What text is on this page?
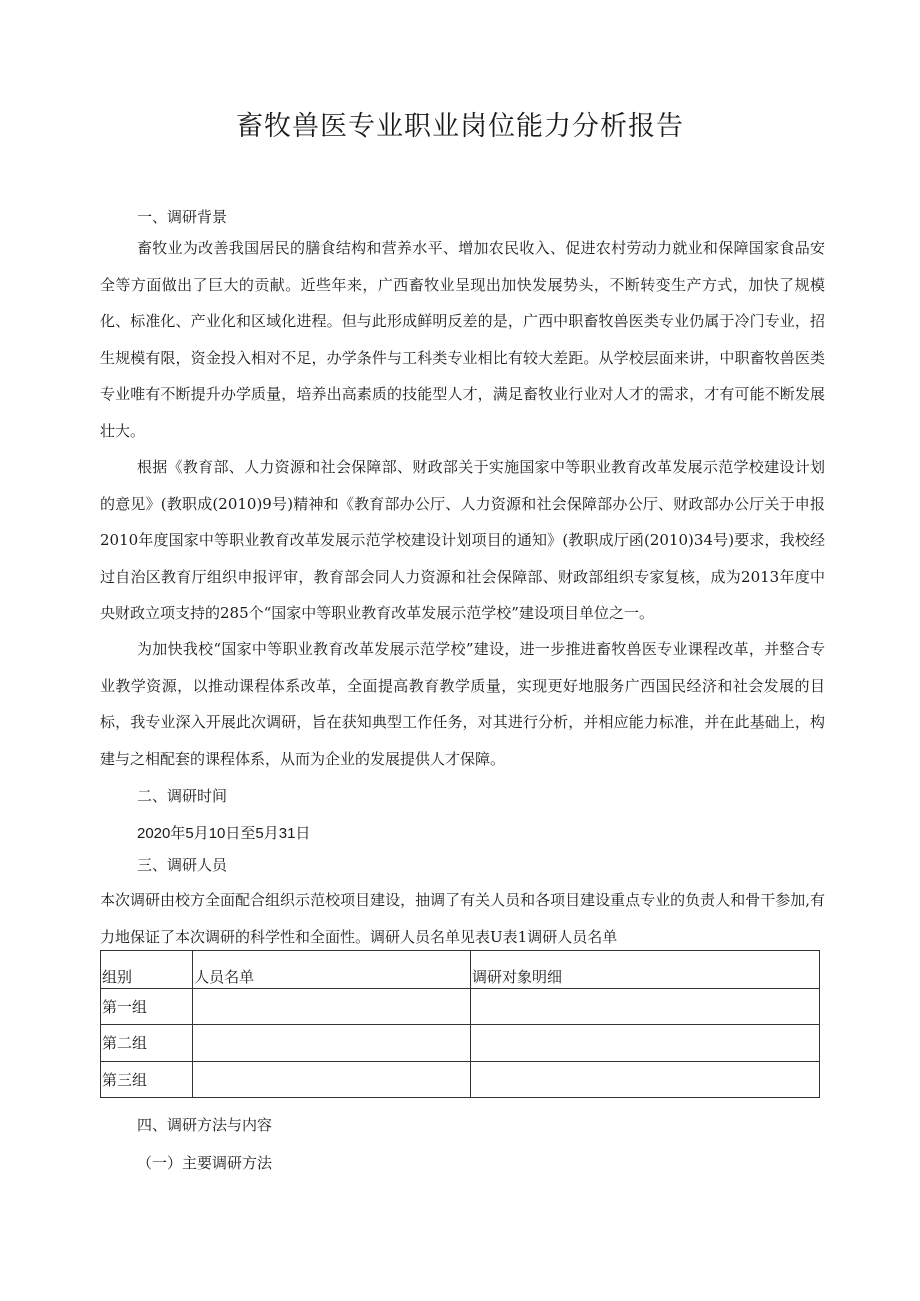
畜牧兽医专业职业岗位能力分析报告
一、调研背景

畜牧业为改善我国居民的膳食结构和营养水平、增加农民收入、促进农村劳动力就业和保障国家食品安全等方面做出了巨大的贡献。近些年来，广西畜牧业呈现出加快发展势头，不断转变生产方式，加快了规模化、标准化、产业化和区域化进程。但与此形成鲜明反差的是，广西中职畜牧兽医类专业仍属于冷门专业，招生规模有限，资金投入相对不足，办学条件与工科类专业相比有较大差距。从学校层面来讲，中职畜牧兽医类专业唯有不断提升办学质量，培养出高素质的技能型人才，满足畜牧业行业对人才的需求，才有可能不断发展壮大。

根据《教育部、人力资源和社会保障部、财政部关于实施国家中等职业教育改革发展示范学校建设计划的意见》(教职成(2010)9号)精神和《教育部办公厅、人力资源和社会保障部办公厅、财政部办公厅关于申报2010年度国家中等职业教育改革发展示范学校建设计划项目的通知》(教职成厅函(2010)34号)要求，我校经过自治区教育厅组织申报评审，教育部会同人力资源和社会保障部、财政部组织专家复核，成为2013年度中央财政立项支持的285个“国家中等职业教育改革发展示范学校”建设项目单位之一。

为加快我校“国家中等职业教育改革发展示范学校”建设，进一步推进畜牧兽医专业课程改革，并整合专业教学资源，以推动课程体系改革，全面提高教育教学质量，实现更好地服务广西国民经济和社会发展的目标，我专业深入开展此次调研，旨在获知典型工作任务，对其进行分析，并相应能力标准，并在此基础上，构建与之相配套的课程体系，从而为企业的发展提供人才保障。

二、调研时间
2020年5月10日至5月31日
三、调研人员

本次调研由校方全面配合组织示范校项目建设，抽调了有关人员和各项目建设重点专业的负责人和骨干参加,有力地保证了本次调研的科学性和全面性。调研人员名单见表U表1调研人员名单

组别	人员名单	调研对象明细
第一组		
第二组		
第三组		
四、调研方法与内容
（一）主要调研方法
